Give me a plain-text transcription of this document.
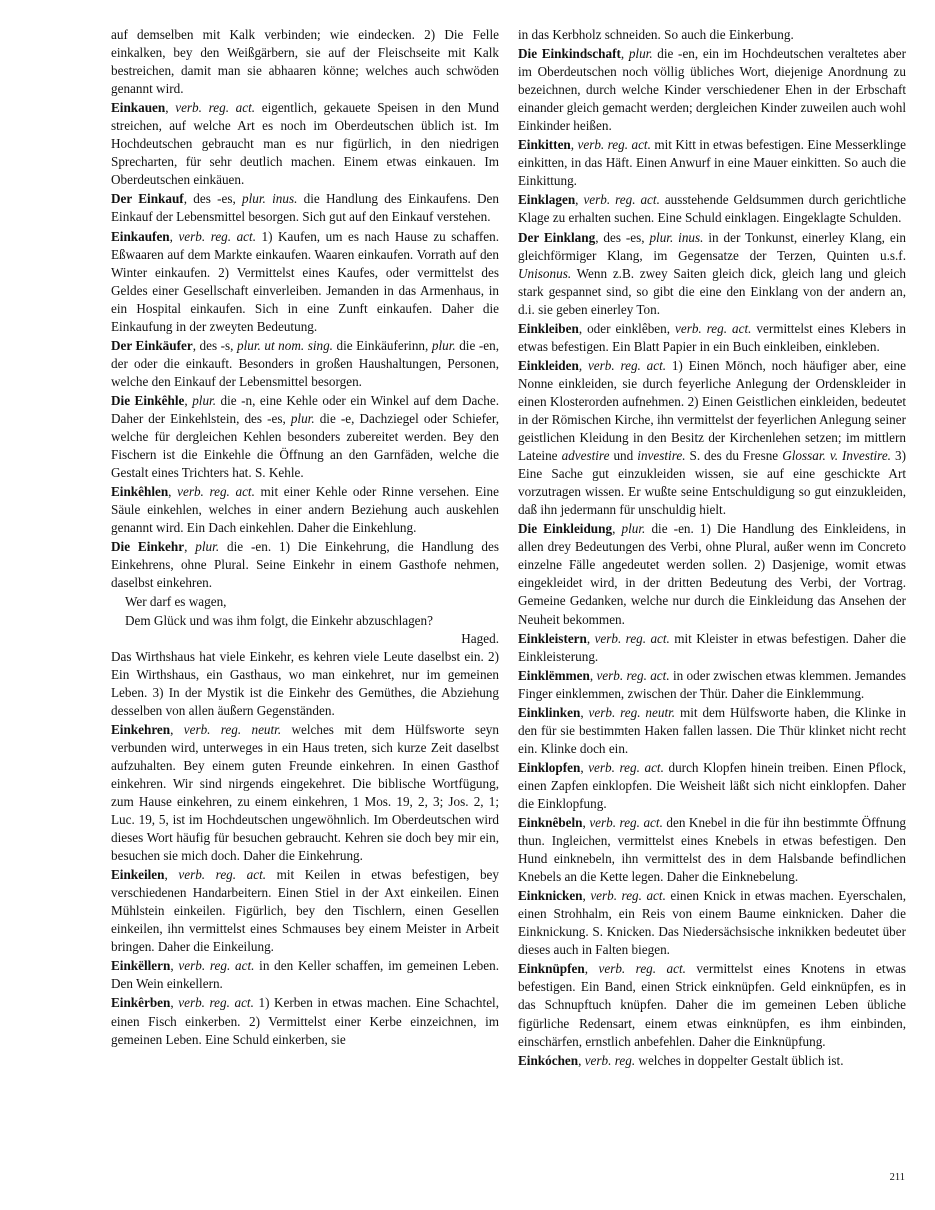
auf demselben mit Kalk verbinden; wie eindecken. 2) Die Felle einkalken, bey den Weißgärbern, sie auf der Fleischseite mit Kalk bestreichen, damit man sie abhaaren könne; welches auch schwöden genannt wird.

Einkauen, verb. reg. act. eigentlich, gekauete Speisen in den Mund streichen, auf welche Art es noch im Oberdeutschen üblich ist. Im Hochdeutschen gebraucht man es nur figürlich, in den niedrigen Sprecharten, für sehr deutlich machen. Einem etwas einkauen. Im Oberdeutschen einkäuen.

Der Einkauf, des -es, plur. inus. die Handlung des Einkaufens. Den Einkauf der Lebensmittel besorgen. Sich gut auf den Einkauf verstehen.

Einkaufen, verb. reg. act. 1) Kaufen, um es nach Hause zu schaffen. Eßwaaren auf dem Markte einkaufen. Waaren einkaufen. Vorrath auf den Winter einkaufen. 2) Vermittelst eines Kaufes, oder vermittelst des Geldes einer Gesellschaft einverleiben. Jemanden in das Armenhaus, in ein Hospital einkaufen. Sich in eine Zunft einkaufen. Daher die Einkaufung in der zweyten Bedeutung.

Der Einkäufer, des -s, plur. ut nom. sing. die Einkäuferinn, plur. die -en, der oder die einkauft. Besonders in großen Haushaltungen, Personen, welche den Einkauf der Lebensmittel besorgen.

Die Einkêhle, plur. die -n, eine Kehle oder ein Winkel auf dem Dache. Daher der Einkehlstein, des -es, plur. die -e, Dachziegel oder Schiefer, welche für dergleichen Kehlen besonders zubereitet werden. Bey den Fischern ist die Einkehle die Öffnung an den Garnfäden, welche die Gestalt eines Trichters hat. S. Kehle.

Einkêhlen, verb. reg. act. mit einer Kehle oder Rinne versehen. Eine Säule einkehlen, welches in einer andern Beziehung auch auskehlen genannt wird. Ein Dach einkehlen. Daher die Einkehlung.

Die Einkehr, plur. die -en. 1) Die Einkehrung, die Handlung des Einkehrens, ohne Plural. Seine Einkehr in einem Gasthofe nehmen, daselbst einkehren.

Wer darf es wagen,
Dem Glück und was ihm folgt, die Einkehr abzuschlagen?
Haged.

Das Wirthshaus hat viele Einkehr, es kehren viele Leute daselbst ein. 2) Ein Wirthshaus, ein Gasthaus, wo man einkehret, nur im gemeinen Leben. 3) In der Mystik ist die Einkehr des Gemüthes, die Abziehung desselben von allen äußern Gegenständen.

Einkehren, verb. reg. neutr. welches mit dem Hülfsworte seyn verbunden wird, unterweges in ein Haus treten, sich kurze Zeit daselbst aufzuhalten. Bey einem guten Freunde einkehren. In einen Gasthof einkehren. Wir sind nirgends eingekehret. Die biblische Wortfügung, zum Hause einkehren, zu einem einkehren, 1 Mos. 19, 2, 3; Jos. 2, 1; Luc. 19, 5, ist im Hochdeutschen ungewöhnlich. Im Oberdeutschen wird dieses Wort häufig für besuchen gebraucht. Kehren sie doch bey mir ein, besuchen sie mich doch. Daher die Einkehrung.

Einkeilen, verb. reg. act. mit Keilen in etwas befestigen, bey verschiedenen Handarbeitern. Einen Stiel in der Axt einkeilen. Einen Mühlstein einkeilen. Figürlich, bey den Tischlern, einen Gesellen einkeilen, ihn vermittelst eines Schmauses bey einem Meister in Arbeit bringen. Daher die Einkeilung.

Einkëllern, verb. reg. act. in den Keller schaffen, im gemeinen Leben. Den Wein einkellern.

Einkêrben, verb. reg. act. 1) Kerben in etwas machen. Eine Schachtel, einen Fisch einkerben. 2) Vermittelst einer Kerbe einzeichnen, im gemeinen Leben. Eine Schuld einkerben, sie

in das Kerbholz schneiden. So auch die Einkerbung.

Die Einkindschaft, plur. die -en, ein im Hochdeutschen veraltetes aber im Oberdeutschen noch völlig übliches Wort, diejenige Anordnung zu bezeichnen, durch welche Kinder verschiedener Ehen in der Erbschaft einander gleich gemacht werden; dergleichen Kinder zuweilen auch wohl Einkinder heißen.

Einkitten, verb. reg. act. mit Kitt in etwas befestigen. Eine Messerklinge einkitten, in das Häft. Einen Anwurf in eine Mauer einkitten. So auch die Einkittung.

Einklagen, verb. reg. act. ausstehende Geldsummen durch gerichtliche Klage zu erhalten suchen. Eine Schuld einklagen. Eingeklagte Schulden.

Der Einklang, des -es, plur. inus. in der Tonkunst, einerley Klang, ein gleichförmiger Klang, im Gegensatze der Terzen, Quinten u.s.f. Unisonus. Wenn z.B. zwey Saiten gleich dick, gleich lang und gleich stark gespannet sind, so gibt die eine den Einklang von der andern an, d.i. sie geben einerley Ton.

Einkleiben, oder einklêben, verb. reg. act. vermittelst eines Klebers in etwas befestigen. Ein Blatt Papier in ein Buch einkleiben, einkleben.

Einkleiden, verb. reg. act. 1) Einen Mönch, noch häufiger aber, eine Nonne einkleiden, sie durch feyerliche Anlegung der Ordenskleider in einen Klosterorden aufnehmen. 2) Einen Geistlichen einkleiden, bedeutet in der Römischen Kirche, ihn vermittelst der feyerlichen Anlegung seiner geistlichen Kleidung in den Besitz der Kirchenlehen setzen; im mittlern Lateine advestire und investire. S. des du Fresne Glossar. v. Investire. 3) Eine Sache gut einzukleiden wissen, sie auf eine geschickte Art vorzutragen wissen. Er wußte seine Entschuldigung so gut einzukleiden, daß ihn jedermann für unschuldig hielt.

Die Einkleidung, plur. die -en. 1) Die Handlung des Einkleidens, in allen drey Bedeutungen des Verbi, ohne Plural, außer wenn im Concreto einzelne Fälle angedeutet werden sollen. 2) Dasjenige, womit etwas eingekleidet wird, in der dritten Bedeutung des Verbi, der Vortrag. Gemeine Gedanken, welche nur durch die Einkleidung das Ansehen der Neuheit bekommen.

Einkleistern, verb. reg. act. mit Kleister in etwas befestigen. Daher die Einkleisterung.

Einklëmmen, verb. reg. act. in oder zwischen etwas klemmen. Jemandes Finger einklemmen, zwischen der Thür. Daher die Einklemmung.

Einklinken, verb. reg. neutr. mit dem Hülfsworte haben, die Klinke in den für sie bestimmten Haken fallen lassen. Die Thür klinket nicht recht ein. Klinke doch ein.

Einklopfen, verb. reg. act. durch Klopfen hinein treiben. Einen Pflock, einen Zapfen einklopfen. Die Weisheit läßt sich nicht einklopfen. Daher die Einklopfung.

Einknêbeln, verb. reg. act. den Knebel in die für ihn bestimmte Öffnung thun. Ingleichen, vermittelst eines Knebels in etwas befestigen. Den Hund einknebeln, ihn vermittelst des in dem Halsbande befindlichen Knebels an die Kette legen. Daher die Einknebelung.

Einknicken, verb. reg. act. einen Knick in etwas machen. Eyerschalen, einen Strohhalm, ein Reis von einem Baume einknicken. Daher die Einknickung. S. Knicken. Das Niedersächsische inknikken bedeutet über dieses auch in Falten biegen.

Einknüpfen, verb. reg. act. vermittelst eines Knotens in etwas befestigen. Ein Band, einen Strick einknüpfen. Geld einknüpfen, es in das Schnupftuch knüpfen. Daher die im gemeinen Leben übliche figürliche Redensart, einem etwas einknüpfen, es ihm einbinden, einschärfen, ernstlich anbefehlen. Daher die Einknüpfung.

Einkóchen, verb. reg. welches in doppelter Gestalt üblich ist.

211
